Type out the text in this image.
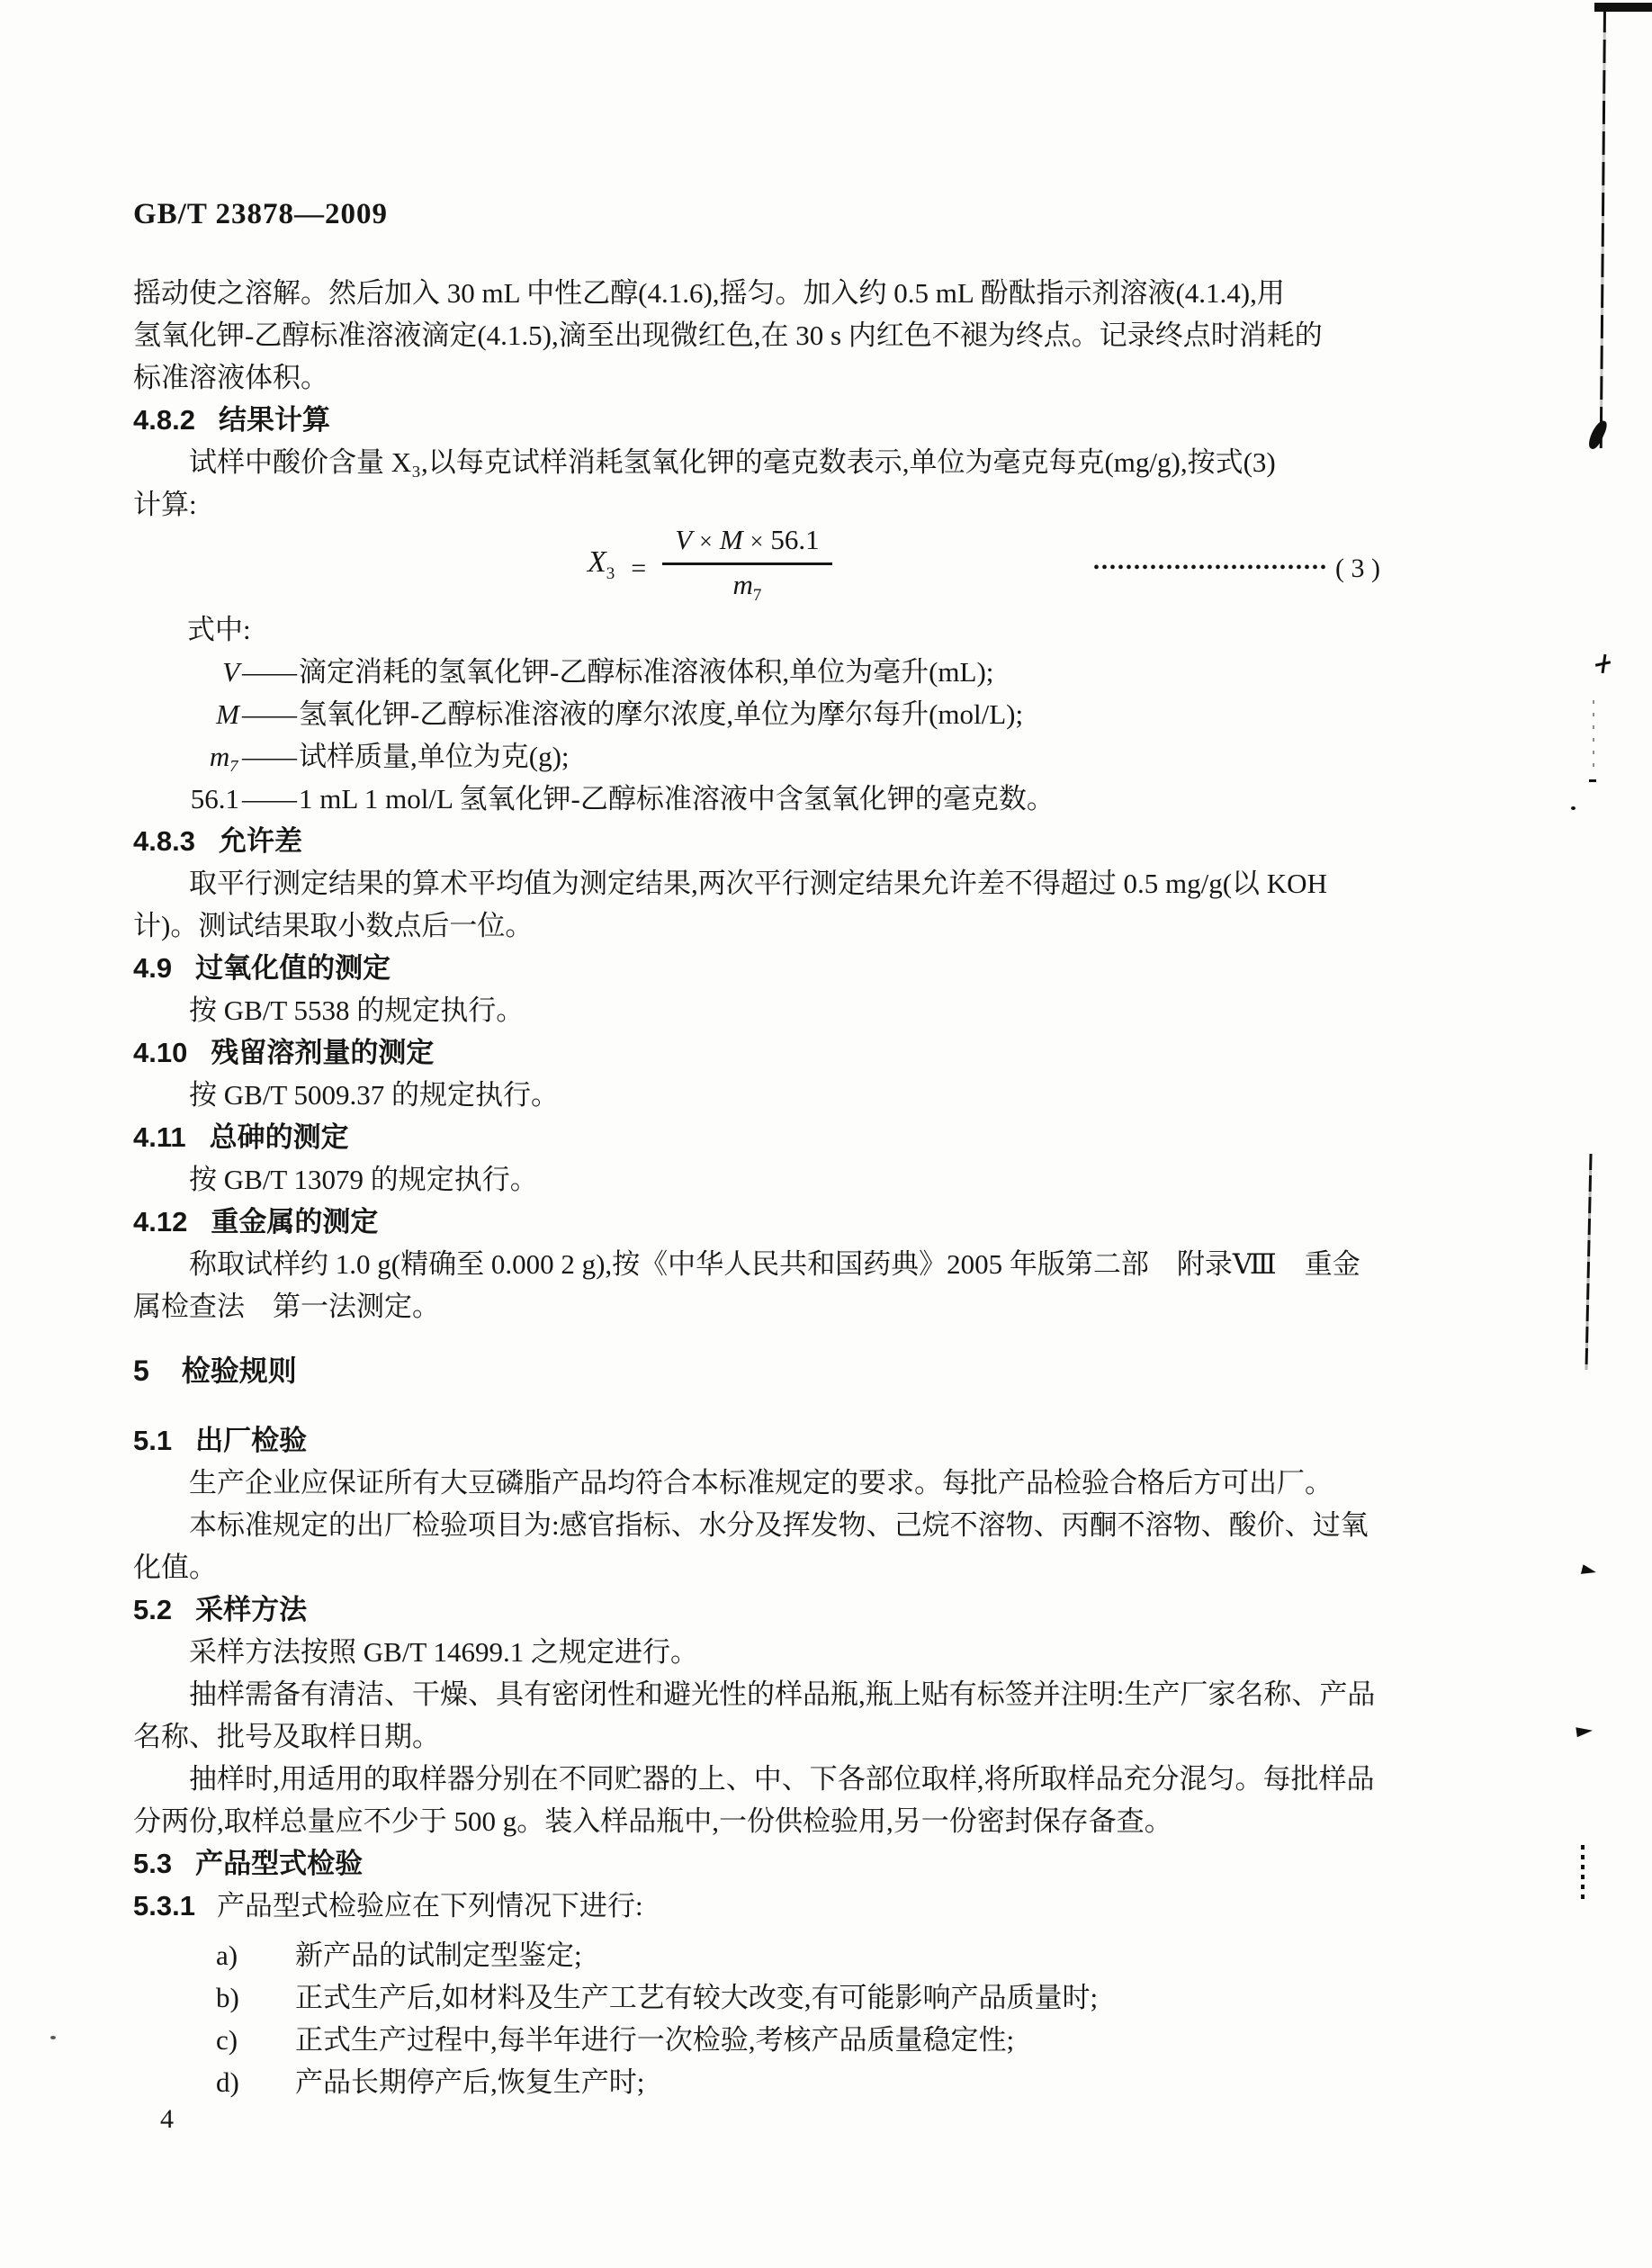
GB/T 23878—2009
摇动使之溶解。然后加入 30 mL 中性乙醇(4.1.6),摇匀。加入约 0.5 mL 酚酞指示剂溶液(4.1.4),用
氢氧化钾-乙醇标准溶液滴定(4.1.5),滴至出现微红色,在 30 s 内红色不褪为终点。记录终点时消耗的
标准溶液体积。
4.8.2 结果计算
试样中酸价含量 X₃,以每克试样消耗氢氧化钾的毫克数表示,单位为毫克每克(mg/g),按式(3)
计算:
$X_3 = \frac{V \times M \times 56.1}{m_7}$	••••••••••••••••••••••••••••• ( 3 )
式中:
V —— 滴定消耗的氢氧化钾-乙醇标准溶液体积,单位为毫升(mL);
M —— 氢氧化钾-乙醇标准溶液的摩尔浓度,单位为摩尔每升(mol/L);
m₇ —— 试样质量,单位为克(g);
56.1 —— 1 mL 1 mol/L 氢氧化钾-乙醇标准溶液中含氢氧化钾的毫克数。
4.8.3 允许差
取平行测定结果的算术平均值为测定结果,两次平行测定结果允许差不得超过 0.5 mg/g(以 KOH
计)。测试结果取小数点后一位。
4.9 过氧化值的测定
按 GB/T 5538 的规定执行。
4.10 残留溶剂量的测定
按 GB/T 5009.37 的规定执行。
4.11 总砷的测定
按 GB/T 13079 的规定执行。
4.12 重金属的测定
称取试样约 1.0 g(精确至 0.000 2 g),按《中华人民共和国药典》2005 年版第二部　附录Ⅷ　重金
属检查法　第一法测定。
5 检验规则
5.1 出厂检验
生产企业应保证所有大豆磷脂产品均符合本标准规定的要求。每批产品检验合格后方可出厂。
本标准规定的出厂检验项目为:感官指标、水分及挥发物、己烷不溶物、丙酮不溶物、酸价、过氧
化值。
5.2 采样方法
采样方法按照 GB/T 14699.1 之规定进行。
抽样需备有清洁、干燥、具有密闭性和避光性的样品瓶,瓶上贴有标签并注明:生产厂家名称、产品
名称、批号及取样日期。
抽样时,用适用的取样器分别在不同贮器的上、中、下各部位取样,将所取样品充分混匀。每批样品
分两份,取样总量应不少于 500 g。装入样品瓶中,一份供检验用,另一份密封保存备查。
5.3 产品型式检验
5.3.1 产品型式检验应在下列情况下进行:
a)	新产品的试制定型鉴定;
b)	正式生产后,如材料及生产工艺有较大改变,有可能影响产品质量时;
c)	正式生产过程中,每半年进行一次检验,考核产品质量稳定性;
d)	产品长期停产后,恢复生产时;
4
